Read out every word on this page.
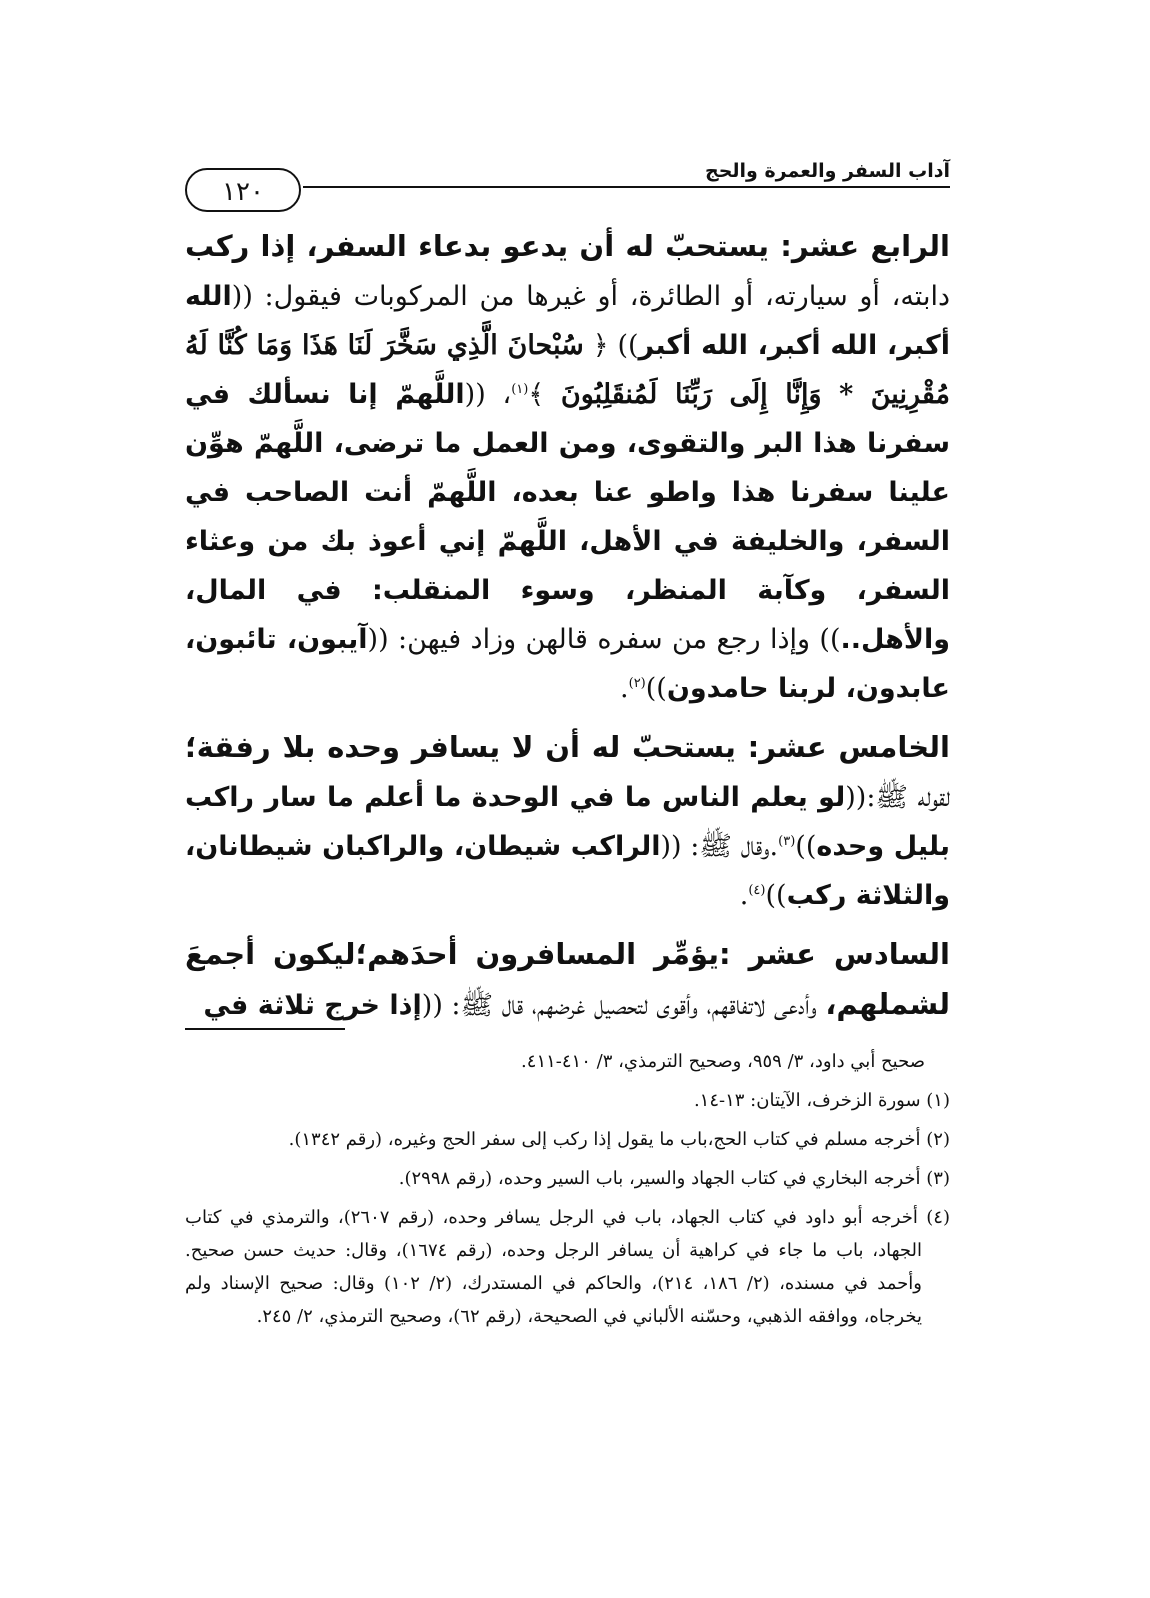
آداب السفر والعمرة والحج
١٢٠

الرابع عشر: يستحبّ له أن يدعو بدعاء السفر، إذا ركب دابته، أو سيارته، أو الطائرة، أو غيرها من المركوبات فيقول: ((الله أكبر، الله أكبر، الله أكبر)) ﴿ سُبْحانَ الَّذِي سَخَّرَ لَنَا هَذَا وَمَا كُنَّا لَهُ مُقْرِنِينَ * وَإِنَّا إِلَى رَبِّنَا لَمُنقَلِبُونَ ﴾$^{(١)}$، ((اللَّهمّ إنا نسألك في سفرنا هذا البر والتقوى، ومن العمل ما ترضى، اللَّهمّ هوِّن علينا سفرنا هذا واطو عنا بعده، اللَّهمّ أنت الصاحب في السفر، والخليفة في الأهل، اللَّهمّ إني أعوذ بك من وعثاء السفر، وكآبة المنظر، وسوء المنقلب: في المال، والأهل..)) وإذا رجع من سفره قالهن وزاد فيهن: ((آيبون، تائبون، عابدون، لربنا حامدون))$^{(٢)}$.

الخامس عشر: يستحبّ له أن لا يسافر وحده بلا رفقة؛ لقوله ﷺ:((لو يعلم الناس ما في الوحدة ما أعلم ما سار راكب بليل وحده))$^{(٣)}$.وقال ﷺ: ((الراكب شيطان، والراكبان شيطانان، والثلاثة ركب))$^{(٤)}$.

السادس عشر :يؤمِّر المسافرون أحدَهم؛ليكون أجمعَ لشملهم، وأدعى لاتفاقهم، وأقوى لتحصيل غرضهم، قال ﷺ: ((إذا خرج ثلاثة في

صحيح أبي داود، ٣/ ٩٥٩، وصحيح الترمذي، ٣/ ٤١٠-٤١١.

(١) سورة الزخرف، الآيتان: ١٣-١٤.

(٢) أخرجه مسلم في كتاب الحج،باب ما يقول إذا ركب إلى سفر الحج وغيره، (رقم ١٣٤٢).

(٣) أخرجه البخاري في كتاب الجهاد والسير، باب السير وحده، (رقم ٢٩٩٨).

(٤) أخرجه أبو داود في كتاب الجهاد، باب في الرجل يسافر وحده، (رقم ٢٦٠٧)، والترمذي في كتاب الجهاد، باب ما جاء في كراهية أن يسافر الرجل وحده، (رقم ١٦٧٤)، وقال: حديث حسن صحيح. وأحمد في مسنده، (٢/ ١٨٦، ٢١٤)، والحاكم في المستدرك، (٢/ ١٠٢) وقال: صحيح الإسناد ولم يخرجاه، ووافقه الذهبي، وحسّنه الألباني في الصحيحة، (رقم ٦٢)، وصحيح الترمذي، ٢/ ٢٤٥.
